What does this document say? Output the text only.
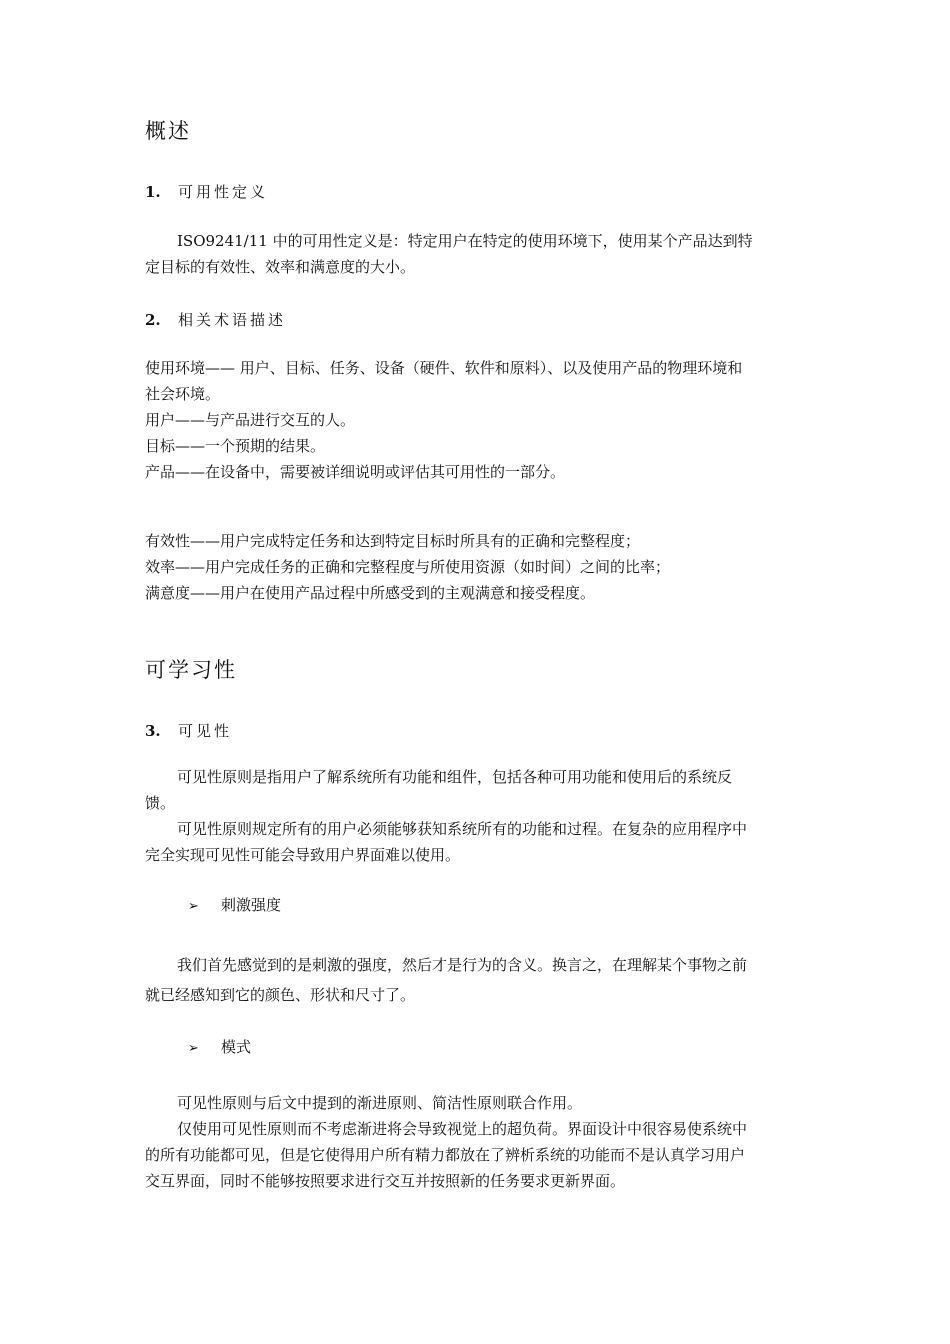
概述
1. 可用性定义
ISO9241/11 中的可用性定义是：特定用户在特定的使用环境下，使用某个产品达到特
定目标的有效性、效率和满意度的大小。
2. 相关术语描述
使用环境—— 用户、目标、任务、设备（硬件、软件和原料）、以及使用产品的物理环境和
社会环境。
用户——与产品进行交互的人。
目标——一个预期的结果。
产品——在设备中，需要被详细说明或评估其可用性的一部分。
有效性——用户完成特定任务和达到特定目标时所具有的正确和完整程度；
效率——用户完成任务的正确和完整程度与所使用资源（如时间）之间的比率；
满意度——用户在使用产品过程中所感受到的主观满意和接受程度。
可学习性
3. 可见性
可见性原则是指用户了解系统所有功能和组件，包括各种可用功能和使用后的系统反
馈。
可见性原则规定所有的用户必须能够获知系统所有的功能和过程。在复杂的应用程序中
完全实现可见性可能会导致用户界面难以使用。
➢ 刺激强度
我们首先感觉到的是刺激的强度，然后才是行为的含义。换言之，在理解某个事物之前
就已经感知到它的颜色、形状和尺寸了。
➢ 模式
可见性原则与后文中提到的渐进原则、简洁性原则联合作用。
仅使用可见性原则而不考虑渐进将会导致视觉上的超负荷。界面设计中很容易使系统中
的所有功能都可见，但是它使得用户所有精力都放在了辨析系统的功能而不是认真学习用户
交互界面，同时不能够按照要求进行交互并按照新的任务要求更新界面。
